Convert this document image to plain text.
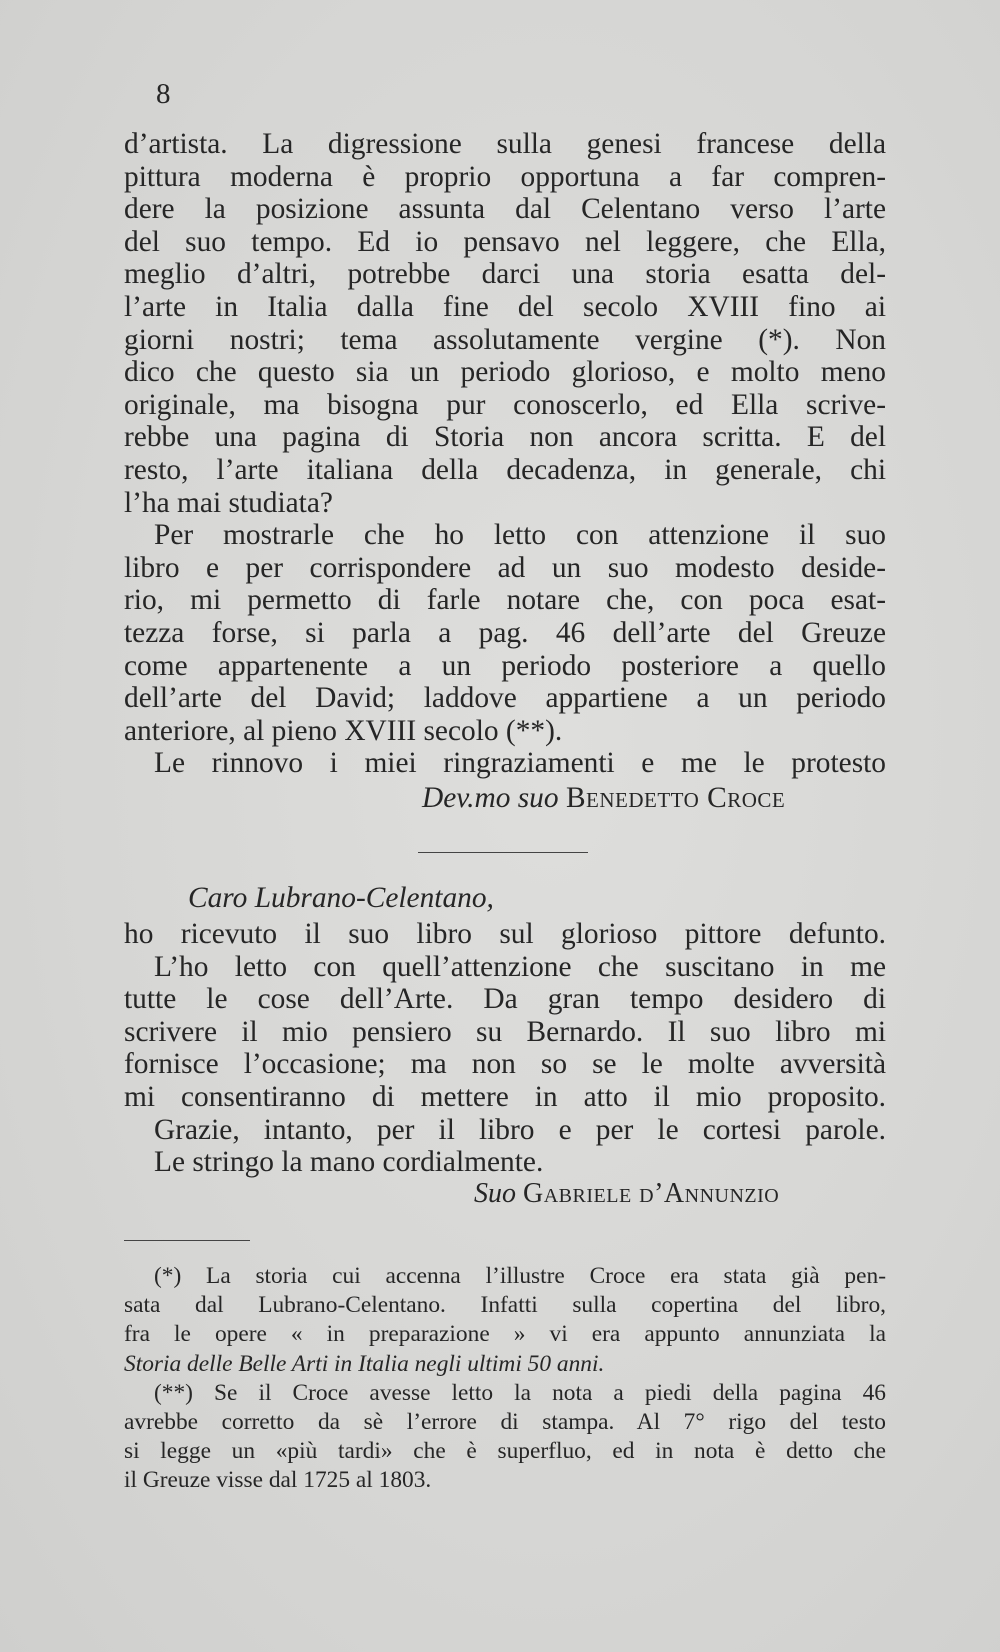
8
d’artista. La digressione sulla genesi francese della
pittura moderna è proprio opportuna a far compren-
dere la posizione assunta dal Celentano verso l’arte
del suo tempo. Ed io pensavo nel leggere, che Ella,
meglio d’altri, potrebbe darci una storia esatta del-
l’arte in Italia dalla fine del secolo XVIII fino ai
giorni nostri; tema assolutamente vergine (*). Non
dico che questo sia un periodo glorioso, e molto meno
originale, ma bisogna pur conoscerlo, ed Ella scrive-
rebbe una pagina di Storia non ancora scritta. E del
resto, l’arte italiana della decadenza, in generale, chi
l’ha mai studiata?
Per mostrarle che ho letto con attenzione il suo
libro e per corrispondere ad un suo modesto deside-
rio, mi permetto di farle notare che, con poca esat-
tezza forse, si parla a pag. 46 dell’arte del Greuze
come appartenente a un periodo posteriore a quello
dell’arte del David; laddove appartiene a un periodo
anteriore, al pieno XVIII secolo (**).
Le rinnovo i miei ringraziamenti e me le protesto
Dev.mo suo Benedetto Croce
Caro Lubrano-Celentano,
ho ricevuto il suo libro sul glorioso pittore defunto.
L’ho letto con quell’attenzione che suscitano in me
tutte le cose dell’Arte. Da gran tempo desidero di
scrivere il mio pensiero su Bernardo. Il suo libro mi
fornisce l’occasione; ma non so se le molte avversità
mi consentiranno di mettere in atto il mio proposito.
Grazie, intanto, per il libro e per le cortesi parole.
Le stringo la mano cordialmente.
Suo Gabriele d’Annunzio
(*) La storia cui accenna l’illustre Croce era stata già pen-
sata dal Lubrano-Celentano. Infatti sulla copertina del libro,
fra le opere « in preparazione » vi era appunto annunziata la
Storia delle Belle Arti in Italia negli ultimi 50 anni.
(**) Se il Croce avesse letto la nota a piedi della pagina 46
avrebbe corretto da sè l’errore di stampa. Al 7° rigo del testo
si legge un «più tardi» che è superfluo, ed in nota è detto che
il Greuze visse dal 1725 al 1803.
